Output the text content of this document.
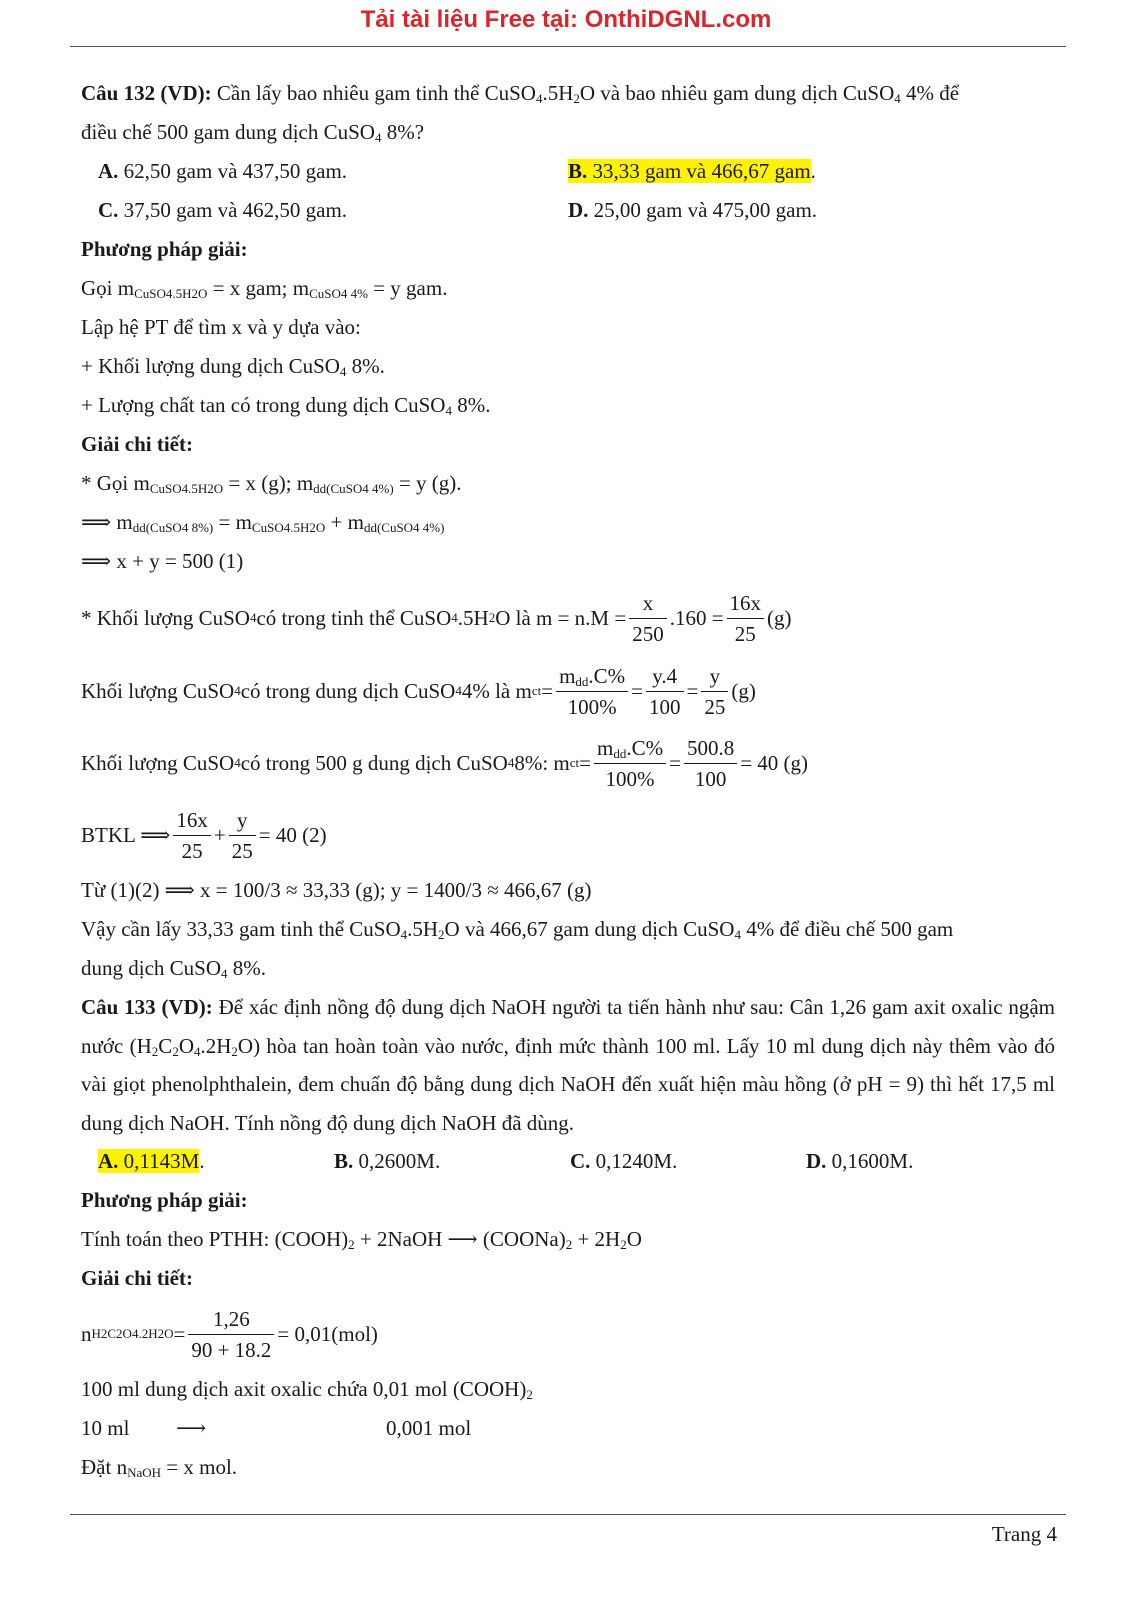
Tải tài liệu Free tại: OnthiDGNL.com
Câu 132 (VD): Cần lấy bao nhiêu gam tinh thể $CuSO_4.5H_2O$ và bao nhiêu gam dung dịch CuSO$_4$ 4% để
điều chế 500 gam dung dịch CuSO$_4$ 8%?
A. 62,50 gam và 437,50 gam.	B. 33,33 gam và 466,67 gam.
C. 37,50 gam và 462,50 gam.	D. 25,00 gam và 475,00 gam.
Phương pháp giải:
Gọi $m_{CuSO4.5H2O} = x$ gam; $m_{CuSO4 4\%} = y$ gam.
Lập hệ PT để tìm x và y dựa vào:
+ Khối lượng dung dịch CuSO$_4$ 8%.
+ Lượng chất tan có trong dung dịch CuSO$_4$ 8%.
Giải chi tiết:
* Gọi $m_{CuSO4.5H2O} = x$ (g); $m_{dd(CuSO4 4\%)} = y$ (g).
⟹ $m_{dd(CuSO4 8\%)} = m_{CuSO4.5H2O} + m_{dd(CuSO4 4\%)}$
⟹ x + y = 500 (1)
* Khối lượng CuSO 4 có trong tinh thể CuSO 4 .5H 2 O là $m = n.M = \frac{x}{250} .160 = \frac{16x}{25} (g)$
Khối lượng CuSO 4 có trong dung dịch CuSO 4 4% là m ct = $\frac{m_{dd}.C\%}{100\%} = \frac{y.4}{100} = \frac{y}{25} (g)$
Khối lượng CuSO 4 có trong 500 g dung dịch CuSO 4 8%: m ct = $\frac{m_{dd}.C\%}{100\%} = \frac{500.8}{100} = 40$ (g)
BTKL ⟹ $\frac{16x}{25} + \frac{y}{25} = 40$ (2)
Từ (1)(2) ⟹ x = 100/3 ≈ 33,33 (g); y = 1400/3 ≈ 466,67 (g)
Vậy cần lấy 33,33 gam tinh thể $CuSO_4.5H_2O$ và 466,67 gam dung dịch CuSO$_4$ 4% để điều chế 500 gam
dung dịch CuSO$_4$ 8%.
Câu 133 (VD): Để xác định nồng độ dung dịch NaOH người ta tiến hành như sau: Cân 1,26 gam axit oxalic ngậm nước $(H_2C_2O_4.2H_2O)$ hòa tan hoàn toàn vào nước, định mức thành 100 ml. Lấy 10 ml dung dịch này thêm vào đó vài giọt phenolphthalein, đem chuẩn độ bằng dung dịch NaOH đến xuất hiện màu hồng (ở pH = 9) thì hết 17,5 ml dung dịch NaOH. Tính nồng độ dung dịch NaOH đã dùng.
A. 0,1143M.	B. 0,2600M.	C. 0,1240M.	D. 0,1600M.
Phương pháp giải:
Tính toán theo PTHH: $(COOH)_2$ + 2NaOH ⟶ $(COONa)_2 + 2H_2O$
Giải chi tiết:
n $H2C2O4.2H2O = \frac{1,26}{90 + 18.2} = 0,01(mol)$
100 ml dung dịch axit oxalic chứa 0,01 mol $(COOH)_2$
10 ml ⟶	0,001 mol
Đặt $n_{NaOH} = x$ mol.
Trang 4
